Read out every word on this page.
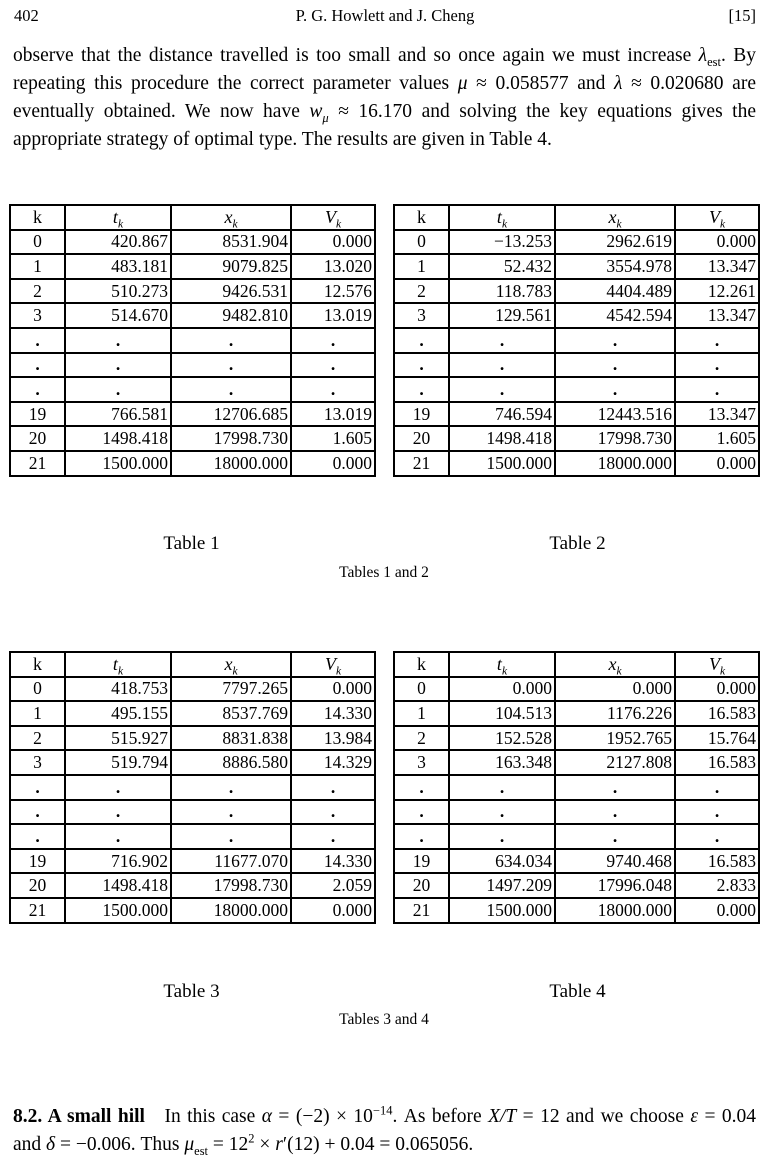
402	P. G. Howlett and J. Cheng	[15]

observe that the distance travelled is too small and so once again we must increase $\lambda_{est}$. By repeating this procedure the correct parameter values μ ≈ 0.058577 and λ ≈ 0.020680 are eventually obtained. We now have $w_\mu \approx 16.170$ and solving the key equations gives the appropriate strategy of optimal type. The results are given in Table 4.

k	$t_k$	$x_k$	$V_k$
0	420.867	8531.904	0.000
1	483.181	9079.825	13.020
2	510.273	9426.531	12.576
3	514.670	9482.810	13.019
.	.	.	.
.	.	.	.
.	.	.	.
19	766.581	12706.685	13.019
20	1498.418	17998.730	1.605
21	1500.000	18000.000	0.000
k	$t_k$	$x_k$	$V_k$
0	−13.253	2962.619	0.000
1	52.432	3554.978	13.347
2	118.783	4404.489	12.261
3	129.561	4542.594	13.347
.	.	.	.
.	.	.	.
.	.	.	.
19	746.594	12443.516	13.347
20	1498.418	17998.730	1.605
21	1500.000	18000.000	0.000
Table 1	Table 2
Tables 1 and 2
k	$t_k$	$x_k$	$V_k$
0	418.753	7797.265	0.000
1	495.155	8537.769	14.330
2	515.927	8831.838	13.984
3	519.794	8886.580	14.329
.	.	.	.
.	.	.	.
.	.	.	.
19	716.902	11677.070	14.330
20	1498.418	17998.730	2.059
21	1500.000	18000.000	0.000
k	$t_k$	$x_k$	$V_k$
0	0.000	0.000	0.000
1	104.513	1176.226	16.583
2	152.528	1952.765	15.764
3	163.348	2127.808	16.583
.	.	.	.
.	.	.	.
.	.	.	.
19	634.034	9740.468	16.583
20	1497.209	17996.048	2.833
21	1500.000	18000.000	0.000
Table 3	Table 4
Tables 3 and 4

8.2. A small hill In this case $\alpha = (-2) \times 10^{-14}$. As before X/T = 12 and we choose ε = 0.04 and δ = −0.006. Thus $\mu_{est} = 12^2 \times r'(12) + 0.04 = 0.065056$.
